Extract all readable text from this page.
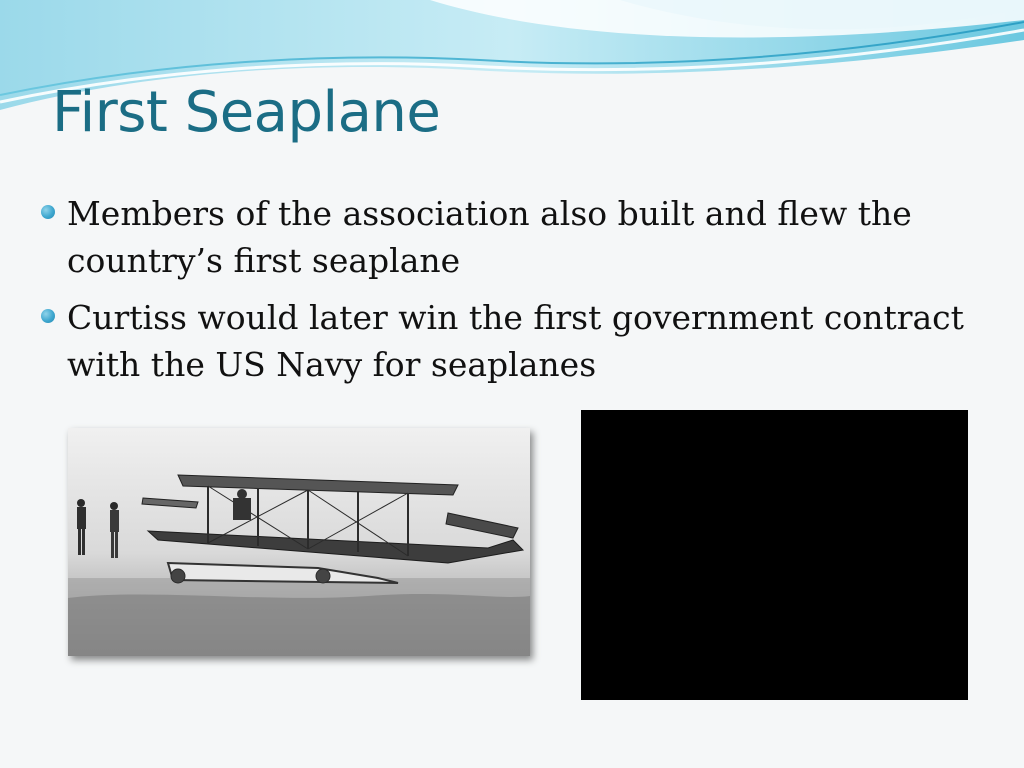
First Seaplane
Members of the association also built and flew the country’s first seaplane
Curtiss would later win the first government contract with the US Navy for seaplanes
